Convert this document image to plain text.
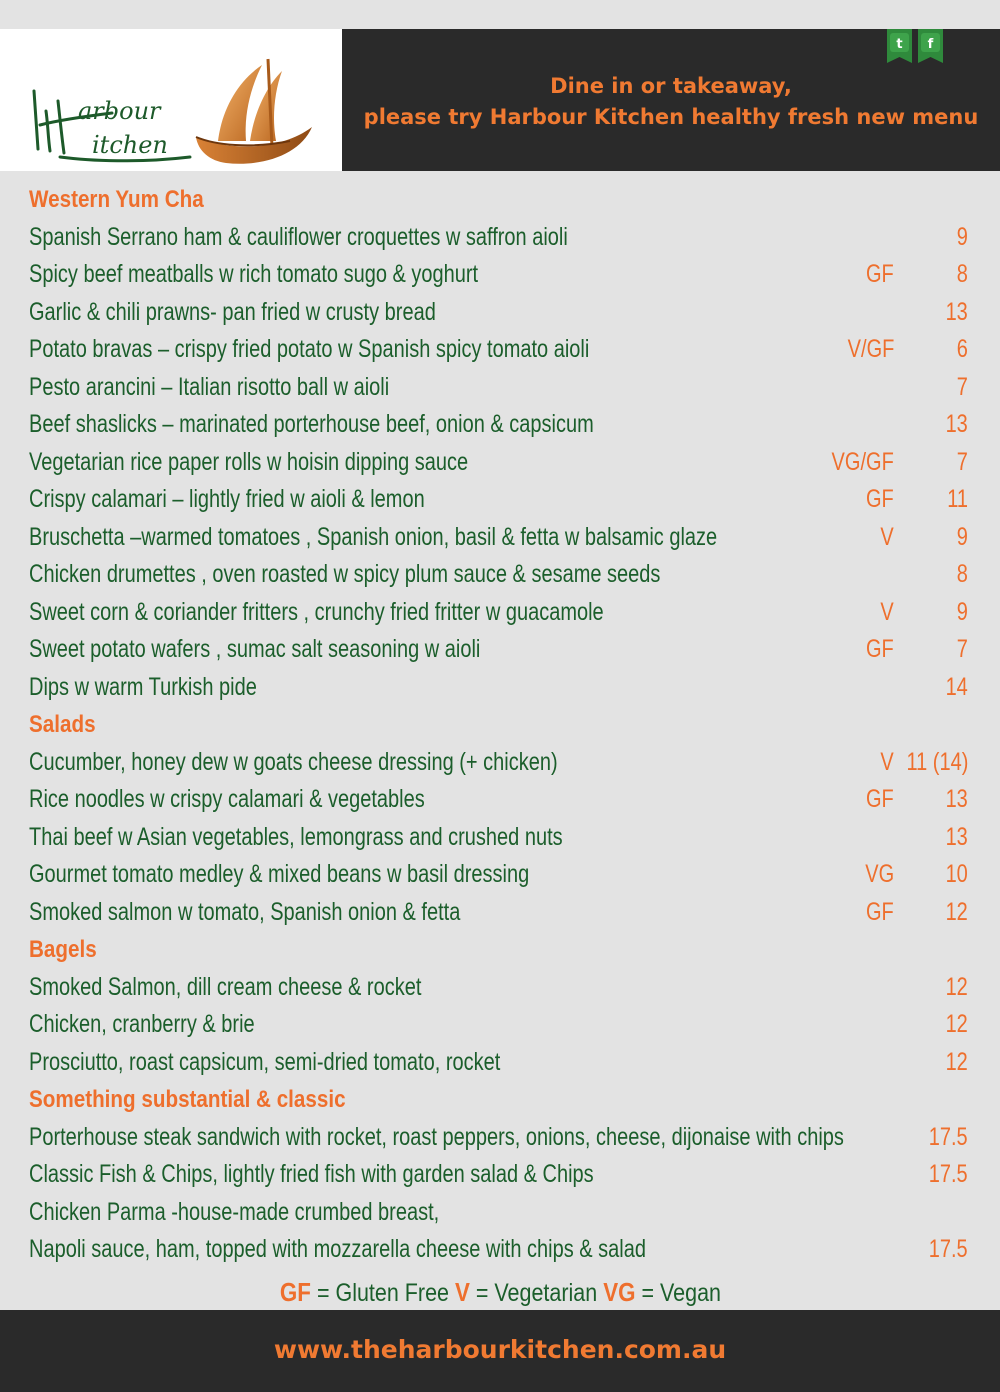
arbour
itchen
t f
Dine in or takeaway,
please try Harbour Kitchen healthy fresh new menu
Western Yum Cha
Spanish Serrano ham & cauliflower croquettes w saffron aioli	9
Spicy beef meatballs w rich tomato sugo & yoghurt	GF	8
Garlic & chili prawns- pan fried w crusty bread	13
Potato bravas – crispy fried potato w Spanish spicy tomato aioli	V/GF	6
Pesto arancini – Italian risotto ball w aioli	7
Beef shaslicks – marinated porterhouse beef, onion & capsicum	13
Vegetarian rice paper rolls w hoisin dipping sauce	VG/GF	7
Crispy calamari – lightly fried w aioli & lemon	GF 11
Bruschetta –warmed tomatoes , Spanish onion, basil & fetta w balsamic glaze	V	9
Chicken drumettes , oven roasted w spicy plum sauce & sesame seeds	8
Sweet corn & coriander fritters , crunchy fried fritter w guacamole	V	9
Sweet potato wafers , sumac salt seasoning w aioli	GF	7
Dips w warm Turkish pide	14
Salads
Cucumber, honey dew w goats cheese dressing (+ chicken)	V 11 (14)
Rice noodles w crispy calamari & vegetables	GF 13
Thai beef w Asian vegetables, lemongrass and crushed nuts	13
Gourmet tomato medley & mixed beans w basil dressing	VG 10
Smoked salmon w tomato, Spanish onion & fetta	GF 12
Bagels
Smoked Salmon, dill cream cheese & rocket	12
Chicken, cranberry & brie	12
Prosciutto, roast capsicum, semi-dried tomato, rocket	12
Something substantial & classic
Porterhouse steak sandwich with rocket, roast peppers, onions, cheese, dijonaise with chips	17.5
Classic Fish & Chips, lightly fried fish with garden salad & Chips	17.5
Chicken Parma -house-made crumbed breast,
Napoli sauce, ham, topped with mozzarella cheese with chips & salad	17.5
GF = Gluten Free V = Vegetarian VG = Vegan
www.theharbourkitchen.com.au
